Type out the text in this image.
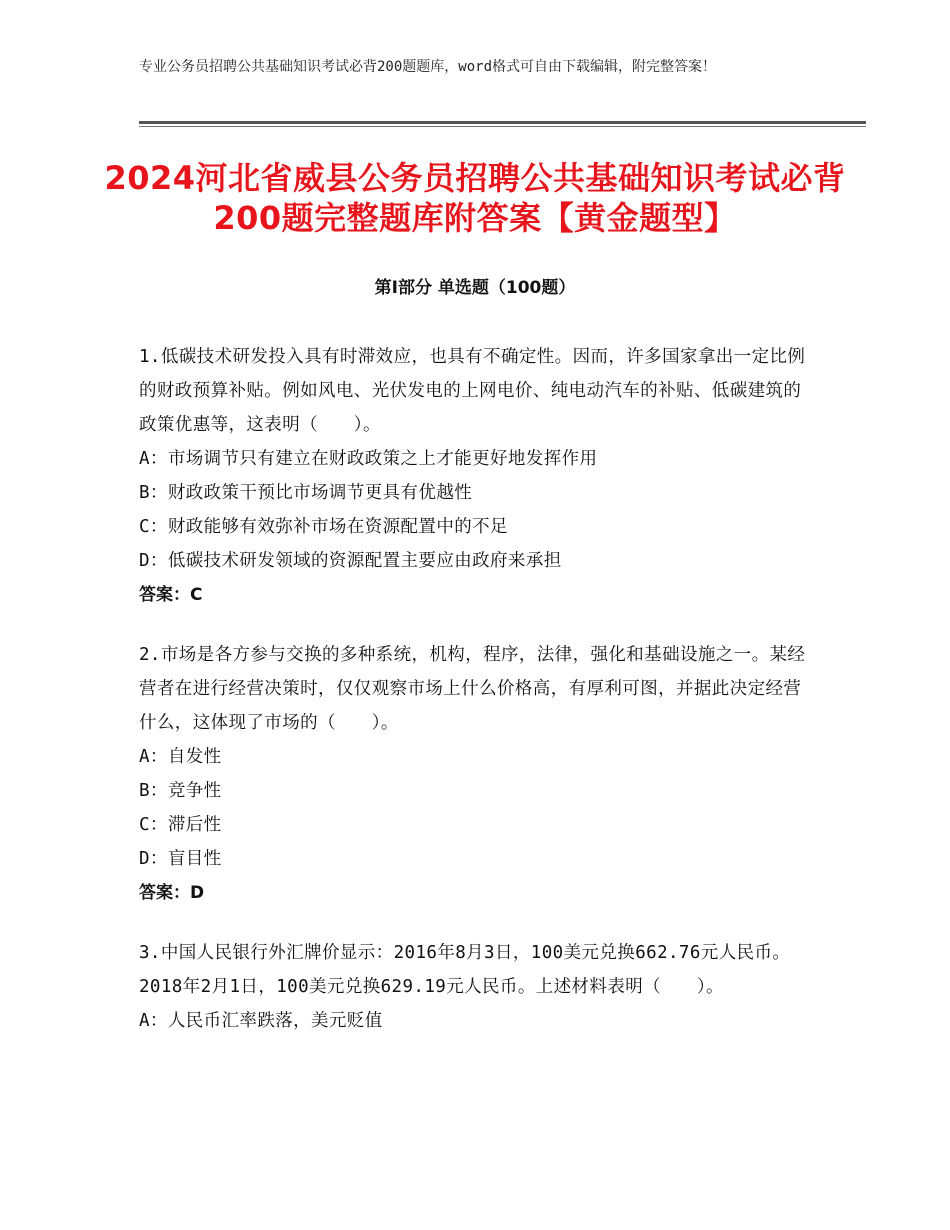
专业公务员招聘公共基础知识考试必背200题题库，word格式可自由下载编辑，附完整答案！
2024河北省威县公务员招聘公共基础知识考试必背200题完整题库附答案【黄金题型】
第Ⅰ部分 单选题（100题）

1.低碳技术研发投入具有时滞效应，也具有不确定性。因而，许多国家拿出一定比例的财政预算补贴。例如风电、光伏发电的上网电价、纯电动汽车的补贴、低碳建筑的政策优惠等，这表明（　　）。

A：市场调节只有建立在财政政策之上才能更好地发挥作用

B：财政政策干预比市场调节更具有优越性

C：财政能够有效弥补市场在资源配置中的不足

D：低碳技术研发领域的资源配置主要应由政府来承担

答案：C

2.市场是各方参与交换的多种系统，机构，程序，法律，强化和基础设施之一。某经营者在进行经营决策时，仅仅观察市场上什么价格高，有厚利可图，并据此决定经营什么，这体现了市场的（　　）。

A：自发性

B：竞争性

C：滞后性

D：盲目性

答案：D

3.中国人民银行外汇牌价显示：2016年8月3日，100美元兑换662.76元人民币。2018年2月1日，100美元兑换629.19元人民币。上述材料表明（　　）。

A：人民币汇率跌落，美元贬值
